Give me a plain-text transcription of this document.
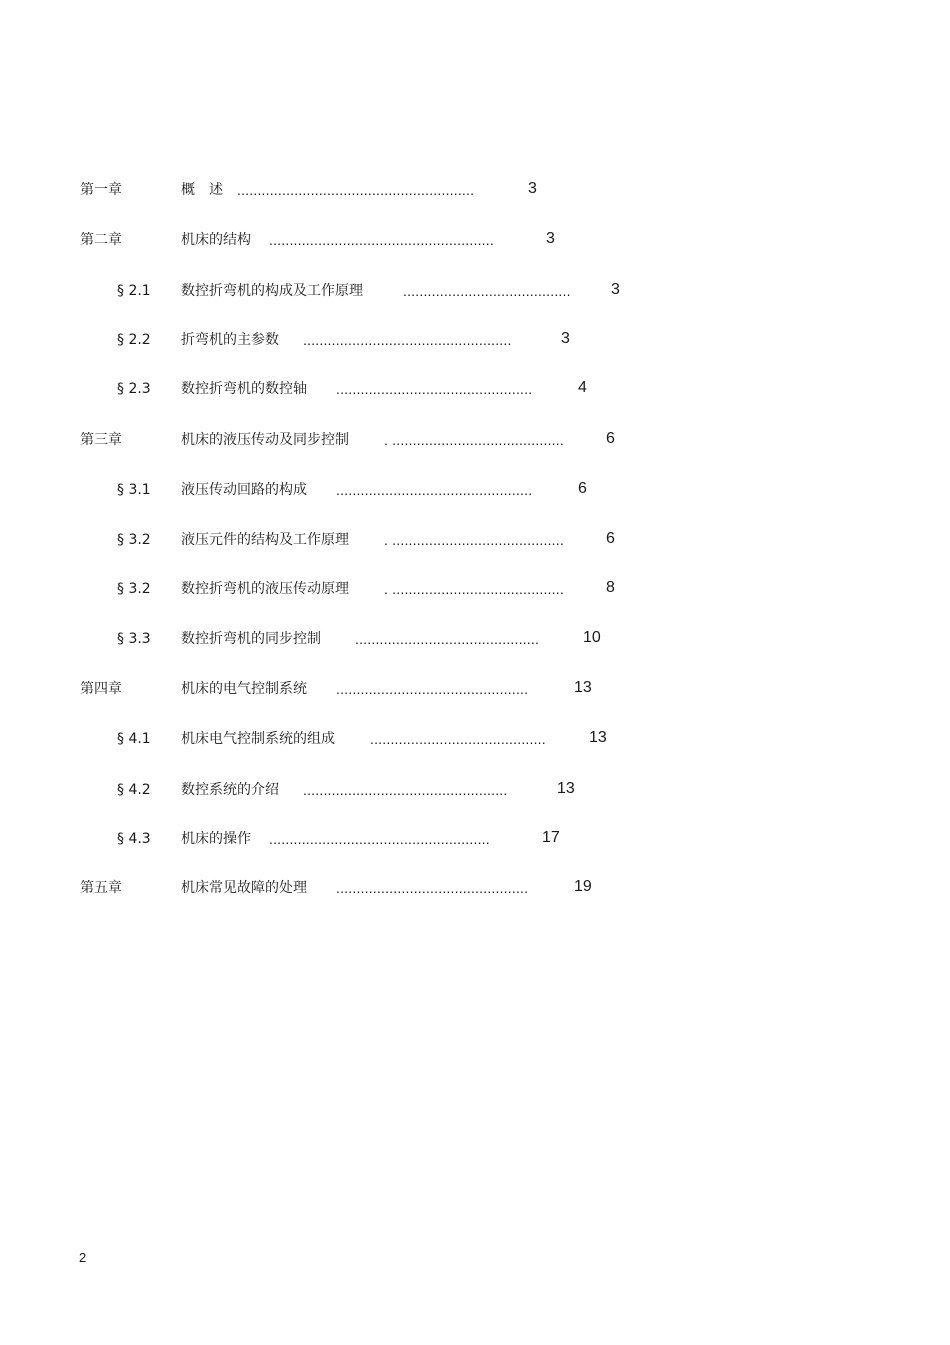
第一章	概　述 ..........................................................	3
第二章	机床的结构 .......................................................	3
§ 2.1 数控折弯机的构成及工作原理	.........................................	3
§ 2.2 折弯机的主参数 ...................................................	3
§ 2.3 数控折弯机的数控轴 ................................................	4
第三章	机床的液压传动及同步控制	. ..........................................	6
§ 3.1 液压传动回路的构成 ................................................	6
§ 3.2 液压元件的结构及工作原理	. ..........................................	6
§ 3.2 数控折弯机的液压传动原理	. ..........................................	8
§ 3.3 数控折弯机的同步控制 .............................................	10
第四章	机床的电气控制系统 ...............................................	13
§ 4.1 机床电气控制系统的组成	...........................................	13
§ 4.2 数控系统的介绍 ..................................................	13
§ 4.3 机床的操作 ......................................................	17
第五章	机床常见故障的处理 ...............................................	19
2
